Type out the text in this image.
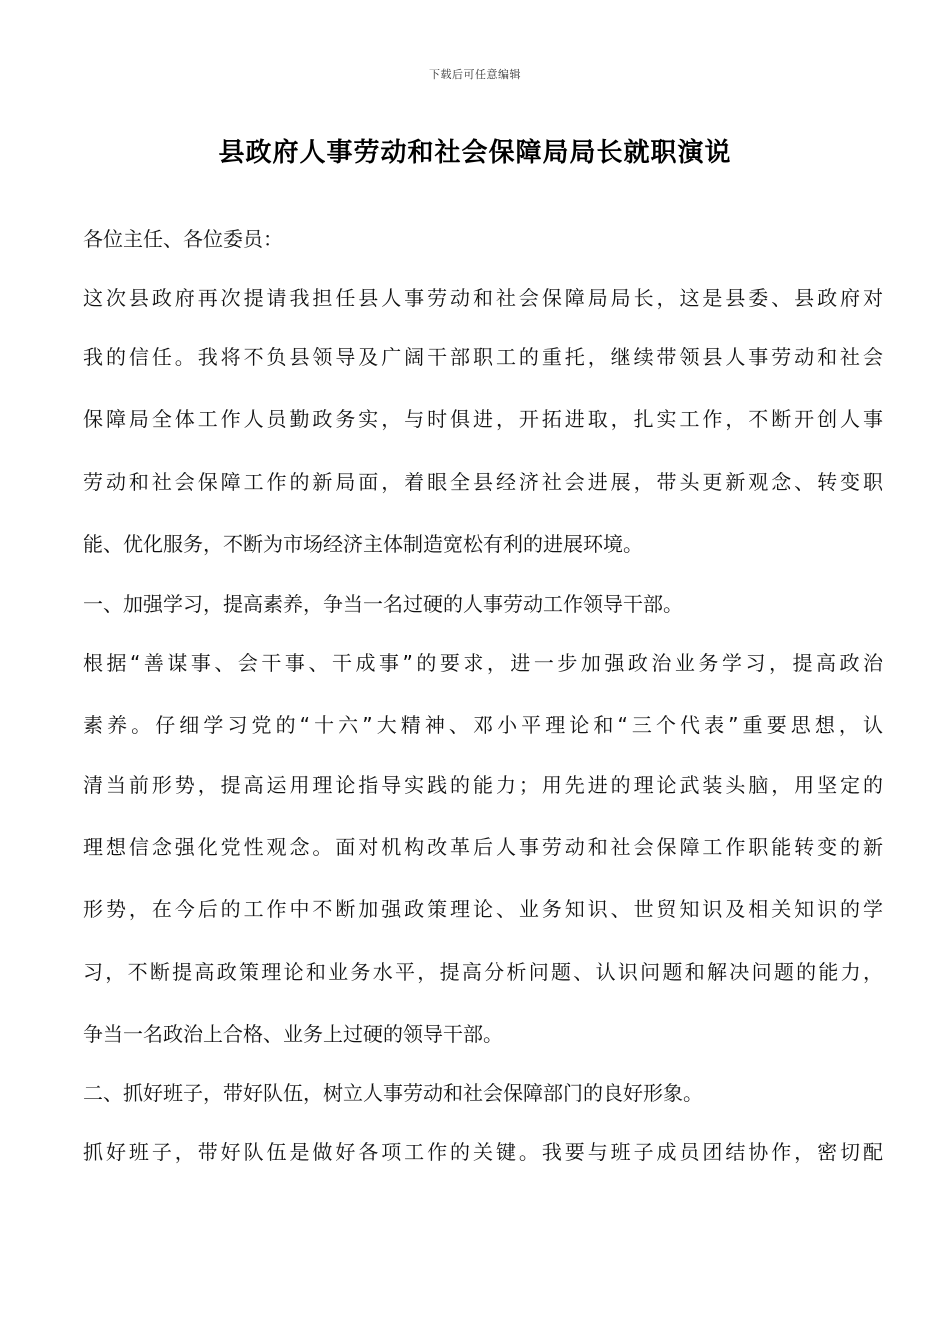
下载后可任意编辑
县政府人事劳动和社会保障局局长就职演说
各位主任、各位委员：
这次县政府再次提请我担任县人事劳动和社会保障局局长，这是县委、县政府对
我的信任。我将不负县领导及广阔干部职工的重托，继续带领县人事劳动和社会
保障局全体工作人员勤政务实，与时俱进，开拓进取，扎实工作，不断开创人事
劳动和社会保障工作的新局面，着眼全县经济社会进展，带头更新观念、转变职
能、优化服务，不断为市场经济主体制造宽松有利的进展环境。
一、加强学习，提高素养，争当一名过硬的人事劳动工作领导干部。
根据“善谋事、会干事、干成事”的要求，进一步加强政治业务学习，提高政治
素养。仔细学习党的“十六”大精神、邓小平理论和“三个代表”重要思想，认
清当前形势，提高运用理论指导实践的能力；用先进的理论武装头脑，用坚定的
理想信念强化党性观念。面对机构改革后人事劳动和社会保障工作职能转变的新
形势，在今后的工作中不断加强政策理论、业务知识、世贸知识及相关知识的学
习，不断提高政策理论和业务水平，提高分析问题、认识问题和解决问题的能力，
争当一名政治上合格、业务上过硬的领导干部。
二、抓好班子，带好队伍，树立人事劳动和社会保障部门的良好形象。
抓好班子，带好队伍是做好各项工作的关键。我要与班子成员团结协作，密切配
